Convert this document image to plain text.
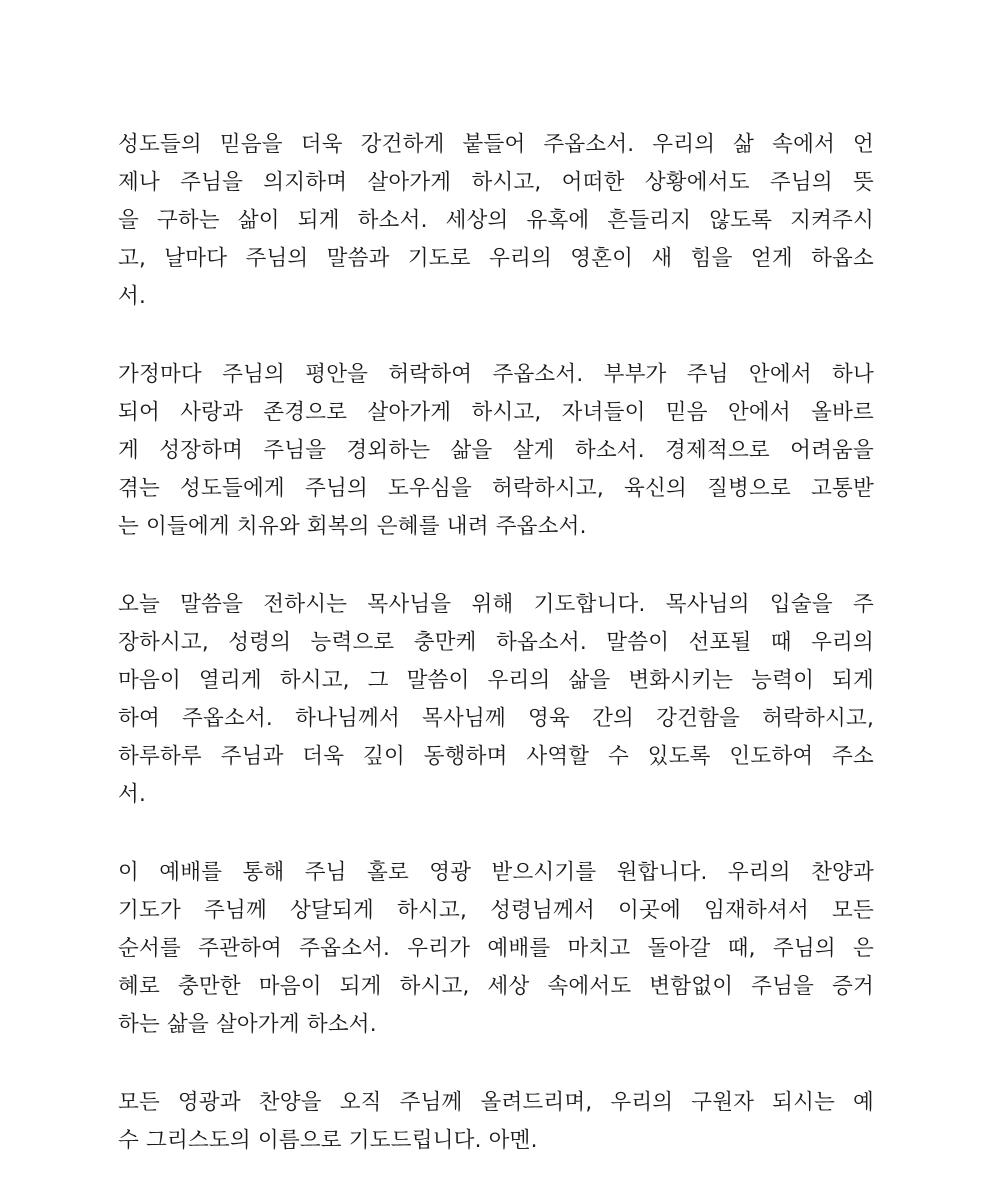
성도들의 믿음을 더욱 강건하게 붙들어 주옵소서. 우리의 삶 속에서 언
제나 주님을 의지하며 살아가게 하시고, 어떠한 상황에서도 주님의 뜻
을 구하는 삶이 되게 하소서. 세상의 유혹에 흔들리지 않도록 지켜주시
고, 날마다 주님의 말씀과 기도로 우리의 영혼이 새 힘을 얻게 하옵소
서.

가정마다 주님의 평안을 허락하여 주옵소서. 부부가 주님 안에서 하나
되어 사랑과 존경으로 살아가게 하시고, 자녀들이 믿음 안에서 올바르
게 성장하며 주님을 경외하는 삶을 살게 하소서. 경제적으로 어려움을
겪는 성도들에게 주님의 도우심을 허락하시고, 육신의 질병으로 고통받
는 이들에게 치유와 회복의 은혜를 내려 주옵소서.

오늘 말씀을 전하시는 목사님을 위해 기도합니다. 목사님의 입술을 주
장하시고, 성령의 능력으로 충만케 하옵소서. 말씀이 선포될 때 우리의
마음이 열리게 하시고, 그 말씀이 우리의 삶을 변화시키는 능력이 되게
하여 주옵소서. 하나님께서 목사님께 영육 간의 강건함을 허락하시고,
하루하루 주님과 더욱 깊이 동행하며 사역할 수 있도록 인도하여 주소
서.

이 예배를 통해 주님 홀로 영광 받으시기를 원합니다. 우리의 찬양과
기도가 주님께 상달되게 하시고, 성령님께서 이곳에 임재하셔서 모든
순서를 주관하여 주옵소서. 우리가 예배를 마치고 돌아갈 때, 주님의 은
혜로 충만한 마음이 되게 하시고, 세상 속에서도 변함없이 주님을 증거
하는 삶을 살아가게 하소서.

모든 영광과 찬양을 오직 주님께 올려드리며, 우리의 구원자 되시는 예
수 그리스도의 이름으로 기도드립니다. 아멘.
